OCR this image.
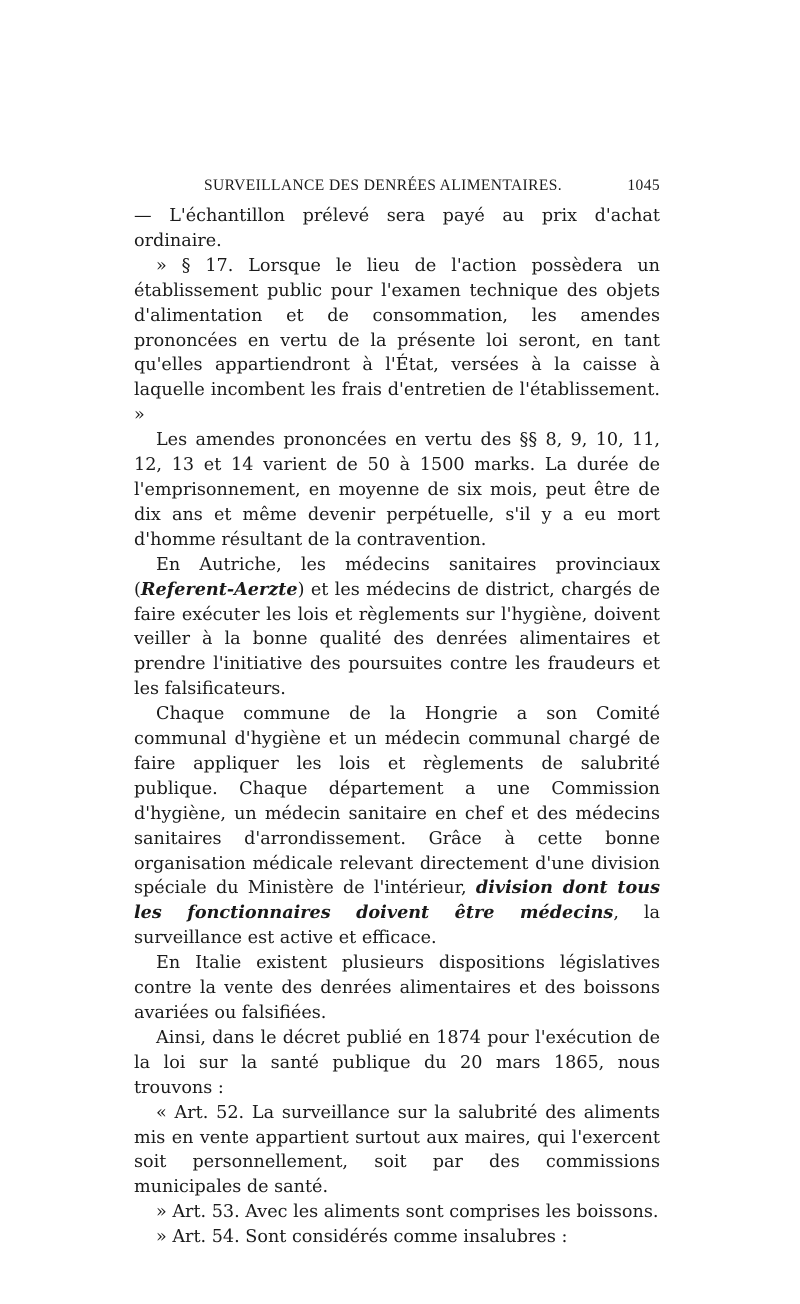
SURVEILLANCE DES DENRÉES ALIMENTAIRES.	1045

— L'échantillon prélevé sera payé au prix d'achat ordinaire.

» § 17. Lorsque le lieu de l'action possèdera un établissement public pour l'examen technique des objets d'alimentation et de consommation, les amendes prononcées en vertu de la présente loi seront, en tant qu'elles appartiendront à l'État, versées à la caisse à laquelle incombent les frais d'entretien de l'établissement. »

Les amendes prononcées en vertu des §§ 8, 9, 10, 11, 12, 13 et 14 varient de 50 à 1500 marks. La durée de l'emprisonnement, en moyenne de six mois, peut être de dix ans et même devenir perpétuelle, s'il y a eu mort d'homme résultant de la contravention.

En Autriche, les médecins sanitaires provinciaux (Referent-Aerzte) et les médecins de district, chargés de faire exécuter les lois et règlements sur l'hygiène, doivent veiller à la bonne qualité des denrées alimentaires et prendre l'initiative des poursuites contre les fraudeurs et les falsificateurs.

Chaque commune de la Hongrie a son Comité communal d'hygiène et un médecin communal chargé de faire appliquer les lois et règlements de salubrité publique. Chaque département a une Commission d'hygiène, un médecin sanitaire en chef et des médecins sanitaires d'arrondissement. Grâce à cette bonne organisation médicale relevant directement d'une division spéciale du Ministère de l'intérieur, division dont tous les fonctionnaires doivent être médecins, la surveillance est active et efficace.

En Italie existent plusieurs dispositions législatives contre la vente des denrées alimentaires et des boissons avariées ou falsifiées.

Ainsi, dans le décret publié en 1874 pour l'exécution de la loi sur la santé publique du 20 mars 1865, nous trouvons :

« Art. 52. La surveillance sur la salubrité des aliments mis en vente appartient surtout aux maires, qui l'exercent soit personnellement, soit par des commissions municipales de santé.

» Art. 53. Avec les aliments sont comprises les boissons.

» Art. 54. Sont considérés comme insalubres :
